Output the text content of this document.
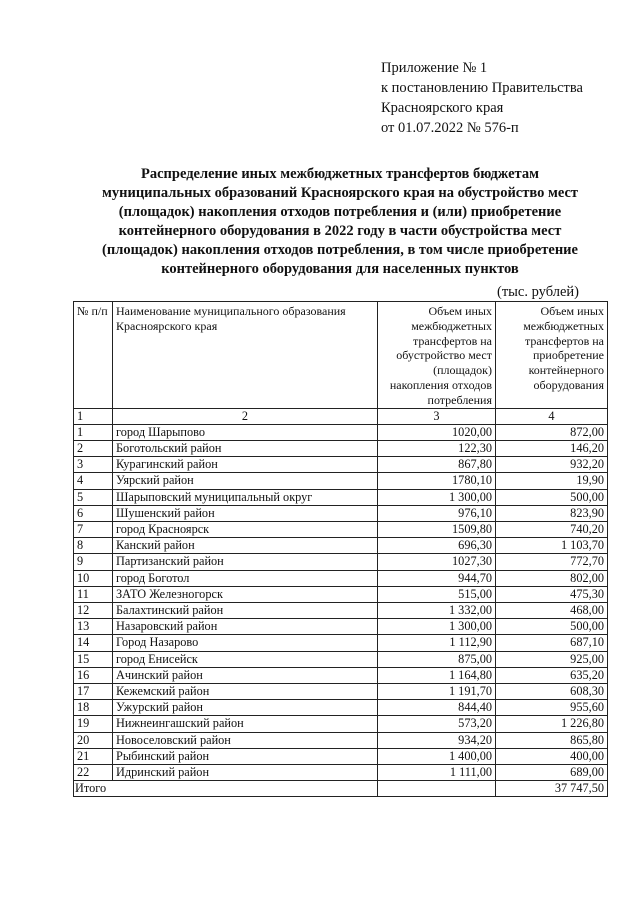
Приложение № 1
к постановлению Правительства
Красноярского края
от 01.07.2022 № 576-п
Распределение иных межбюджетных трансфертов бюджетам
муниципальных образований Красноярского края на обустройство мест
(площадок) накопления отходов потребления и (или) приобретение
контейнерного оборудования в 2022 году в части обустройства мест
(площадок) накопления отходов потребления, в том числе приобретение
контейнерного оборудования для населенных пунктов
(тыс. рублей)
№ п/п	Наименование муниципального образования Красноярского края	Объем иных межбюджетных трансфертов на обустройство мест (площадок) накопления отходов потребления	Объем иных межбюджетных трансфертов на приобретение контейнерного оборудования
1	2	3	4
1	город Шарыпово	1020,00	872,00
2	Боготольский район	122,30	146,20
3	Курагинский район	867,80	932,20
4	Уярский район	1780,10	19,90
5	Шарыповский муниципальный округ	1 300,00	500,00
6	Шушенский район	976,10	823,90
7	город Красноярск	1509,80	740,20
8	Канский район	696,30	1 103,70
9	Партизанский район	1027,30	772,70
10	город Боготол	944,70	802,00
11	ЗАТО Железногорск	515,00	475,30
12	Балахтинский район	1 332,00	468,00
13	Назаровский район	1 300,00	500,00
14	Город Назарово	1 112,90	687,10
15	город Енисейск	875,00	925,00
16	Ачинский район	1 164,80	635,20
17	Кежемский район	1 191,70	608,30
18	Ужурский район	844,40	955,60
19	Нижнеингашский район	573,20	1 226,80
20	Новоселовский район	934,20	865,80
21	Рыбинский район	1 400,00	400,00
22	Идринский район	1 111,00	689,00
Итого			37 747,50
